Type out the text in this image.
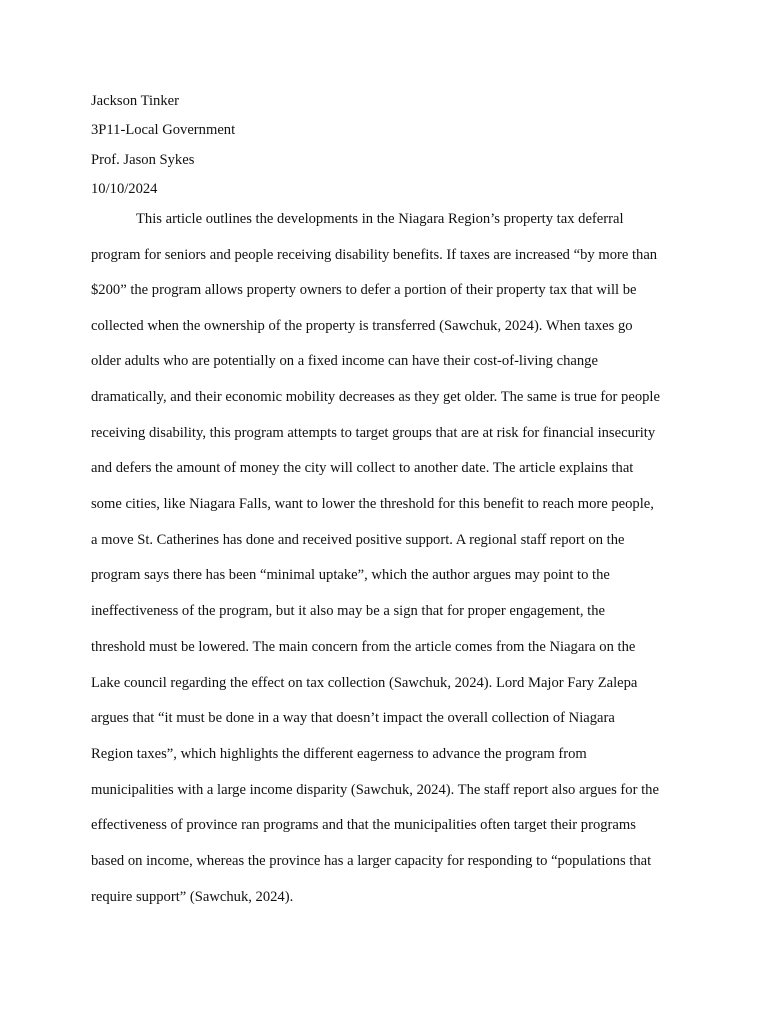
Jackson Tinker
3P11-Local Government
Prof. Jason Sykes
10/10/2024
This article outlines the developments in the Niagara Region’s property tax deferral
program for seniors and people receiving disability benefits. If taxes are increased “by more than
$200” the program allows property owners to defer a portion of their property tax that will be
collected when the ownership of the property is transferred (Sawchuk, 2024). When taxes go
older adults who are potentially on a fixed income can have their cost-of-living change
dramatically, and their economic mobility decreases as they get older. The same is true for people
receiving disability, this program attempts to target groups that are at risk for financial insecurity
and defers the amount of money the city will collect to another date. The article explains that
some cities, like Niagara Falls, want to lower the threshold for this benefit to reach more people,
a move St. Catherines has done and received positive support. A regional staff report on the
program says there has been “minimal uptake”, which the author argues may point to the
ineffectiveness of the program, but it also may be a sign that for proper engagement, the
threshold must be lowered. The main concern from the article comes from the Niagara on the
Lake council regarding the effect on tax collection (Sawchuk, 2024). Lord Major Fary Zalepa
argues that “it must be done in a way that doesn’t impact the overall collection of Niagara
Region taxes”, which highlights the different eagerness to advance the program from
municipalities with a large income disparity (Sawchuk, 2024). The staff report also argues for the
effectiveness of province ran programs and that the municipalities often target their programs
based on income, whereas the province has a larger capacity for responding to “populations that
require support” (Sawchuk, 2024).
